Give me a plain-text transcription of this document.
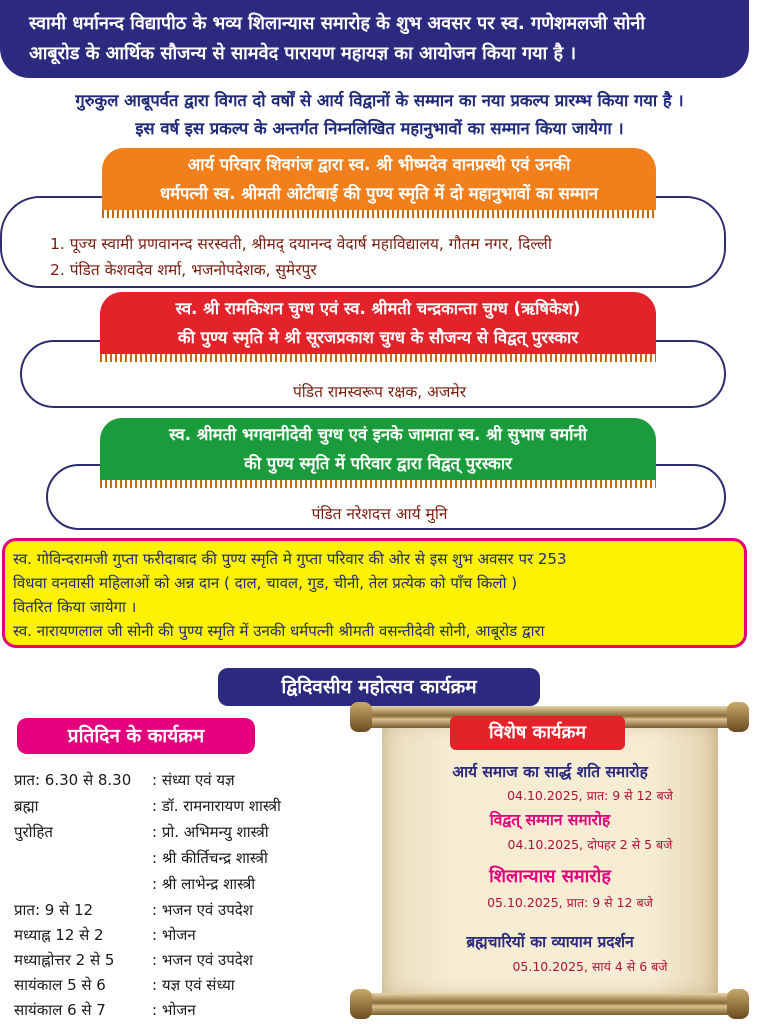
स्वामी धर्मानन्द विद्यापीठ के भव्य शिलान्यास समारोह के शुभ अवसर पर स्व. गणेशमलजी सोनी
आबूरोड के आर्थिक सौजन्य से सामवेद पारायण महायज्ञ का आयोजन किया गया है ।
गुरुकुल आबूपर्वत द्वारा विगत दो वर्षों से आर्य विद्वानों के सम्मान का नया प्रकल्प प्रारम्भ किया गया है ।
इस वर्ष इस प्रकल्प के अन्तर्गत निम्नलिखित महानुभावों का सम्मान किया जायेगा ।
आर्य परिवार शिवगंज द्वारा स्व. श्री भीष्मदेव वानप्रस्थी एवं उनकी
धर्मपत्नी स्व. श्रीमती ओटीबाई की पुण्य स्मृति में दो महानुभावों का सम्मान
1. पूज्य स्वामी प्रणवानन्द सरस्वती, श्रीमद् दयानन्द वेदार्ष महाविद्यालय, गौतम नगर, दिल्ली
2. पंडित केशवदेव शर्मा, भजनोपदेशक, सुमेरपुर
स्व. श्री रामकिशन चुग्ध एवं स्व. श्रीमती चन्द्रकान्ता चुग्ध (ऋषिकेश)
की पुण्य स्मृति मे श्री सूरजप्रकाश चुग्ध के सौजन्य से विद्वत् पुरस्कार
पंडित रामस्वरूप रक्षक, अजमेर
स्व. श्रीमती भगवानीदेवी चुग्ध एवं इनके जामाता स्व. श्री सुभाष वर्मानी
की पुण्य स्मृति में परिवार द्वारा विद्वत् पुरस्कार
पंडित नरेशदत्त आर्य मुनि
स्व. गोविन्दरामजी गुप्ता फरीदाबाद की पुण्य स्मृति मे गुप्ता परिवार की ओर से इस शुभ अवसर पर 253
विधवा वनवासी महिलाओं को अन्न दान ( दाल, चावल, गुड, चीनी, तेल प्रत्येक को पाँच किलो )
वितरित किया जायेगा ।
स्व. नारायणलाल जी सोनी की पुण्य स्मृति में उनकी धर्मपत्नी श्रीमती वसन्तीदेवी सोनी, आबूरोड द्वारा
द्विदिवसीय महोत्सव कार्यक्रम
प्रतिदिन के कार्यक्रम
प्रात: 6.30 से 8.30 : संध्या एवं यज्ञ
ब्रह्मा	: डॉ. रामनारायण शास्त्री
पुरोहित	: प्रो. अभिमन्यु शास्त्री
: श्री कीर्तिचन्द्र शास्त्री
: श्री लाभेन्द्र शास्त्री
प्रात: 9 से 12	: भजन एवं उपदेश
मध्याह्न 12 से 2	: भोजन
मध्याह्नोत्तर 2 से 5	: भजन एवं उपदेश
सायंकाल 5 से 6	: यज्ञ एवं संध्या
सायंकाल 6 से 7	: भोजन
विशेष कार्यक्रम
आर्य समाज का सार्द्ध शति समारोह
04.10.2025, प्रात: 9 से 12 बजे
विद्वत् सम्मान समारोह
04.10.2025, दोपहर 2 से 5 बजे
शिलान्यास समारोह
05.10.2025, प्रात: 9 से 12 बजे
ब्रह्मचारियों का व्यायाम प्रदर्शन
05.10.2025, सायं 4 से 6 बजे
